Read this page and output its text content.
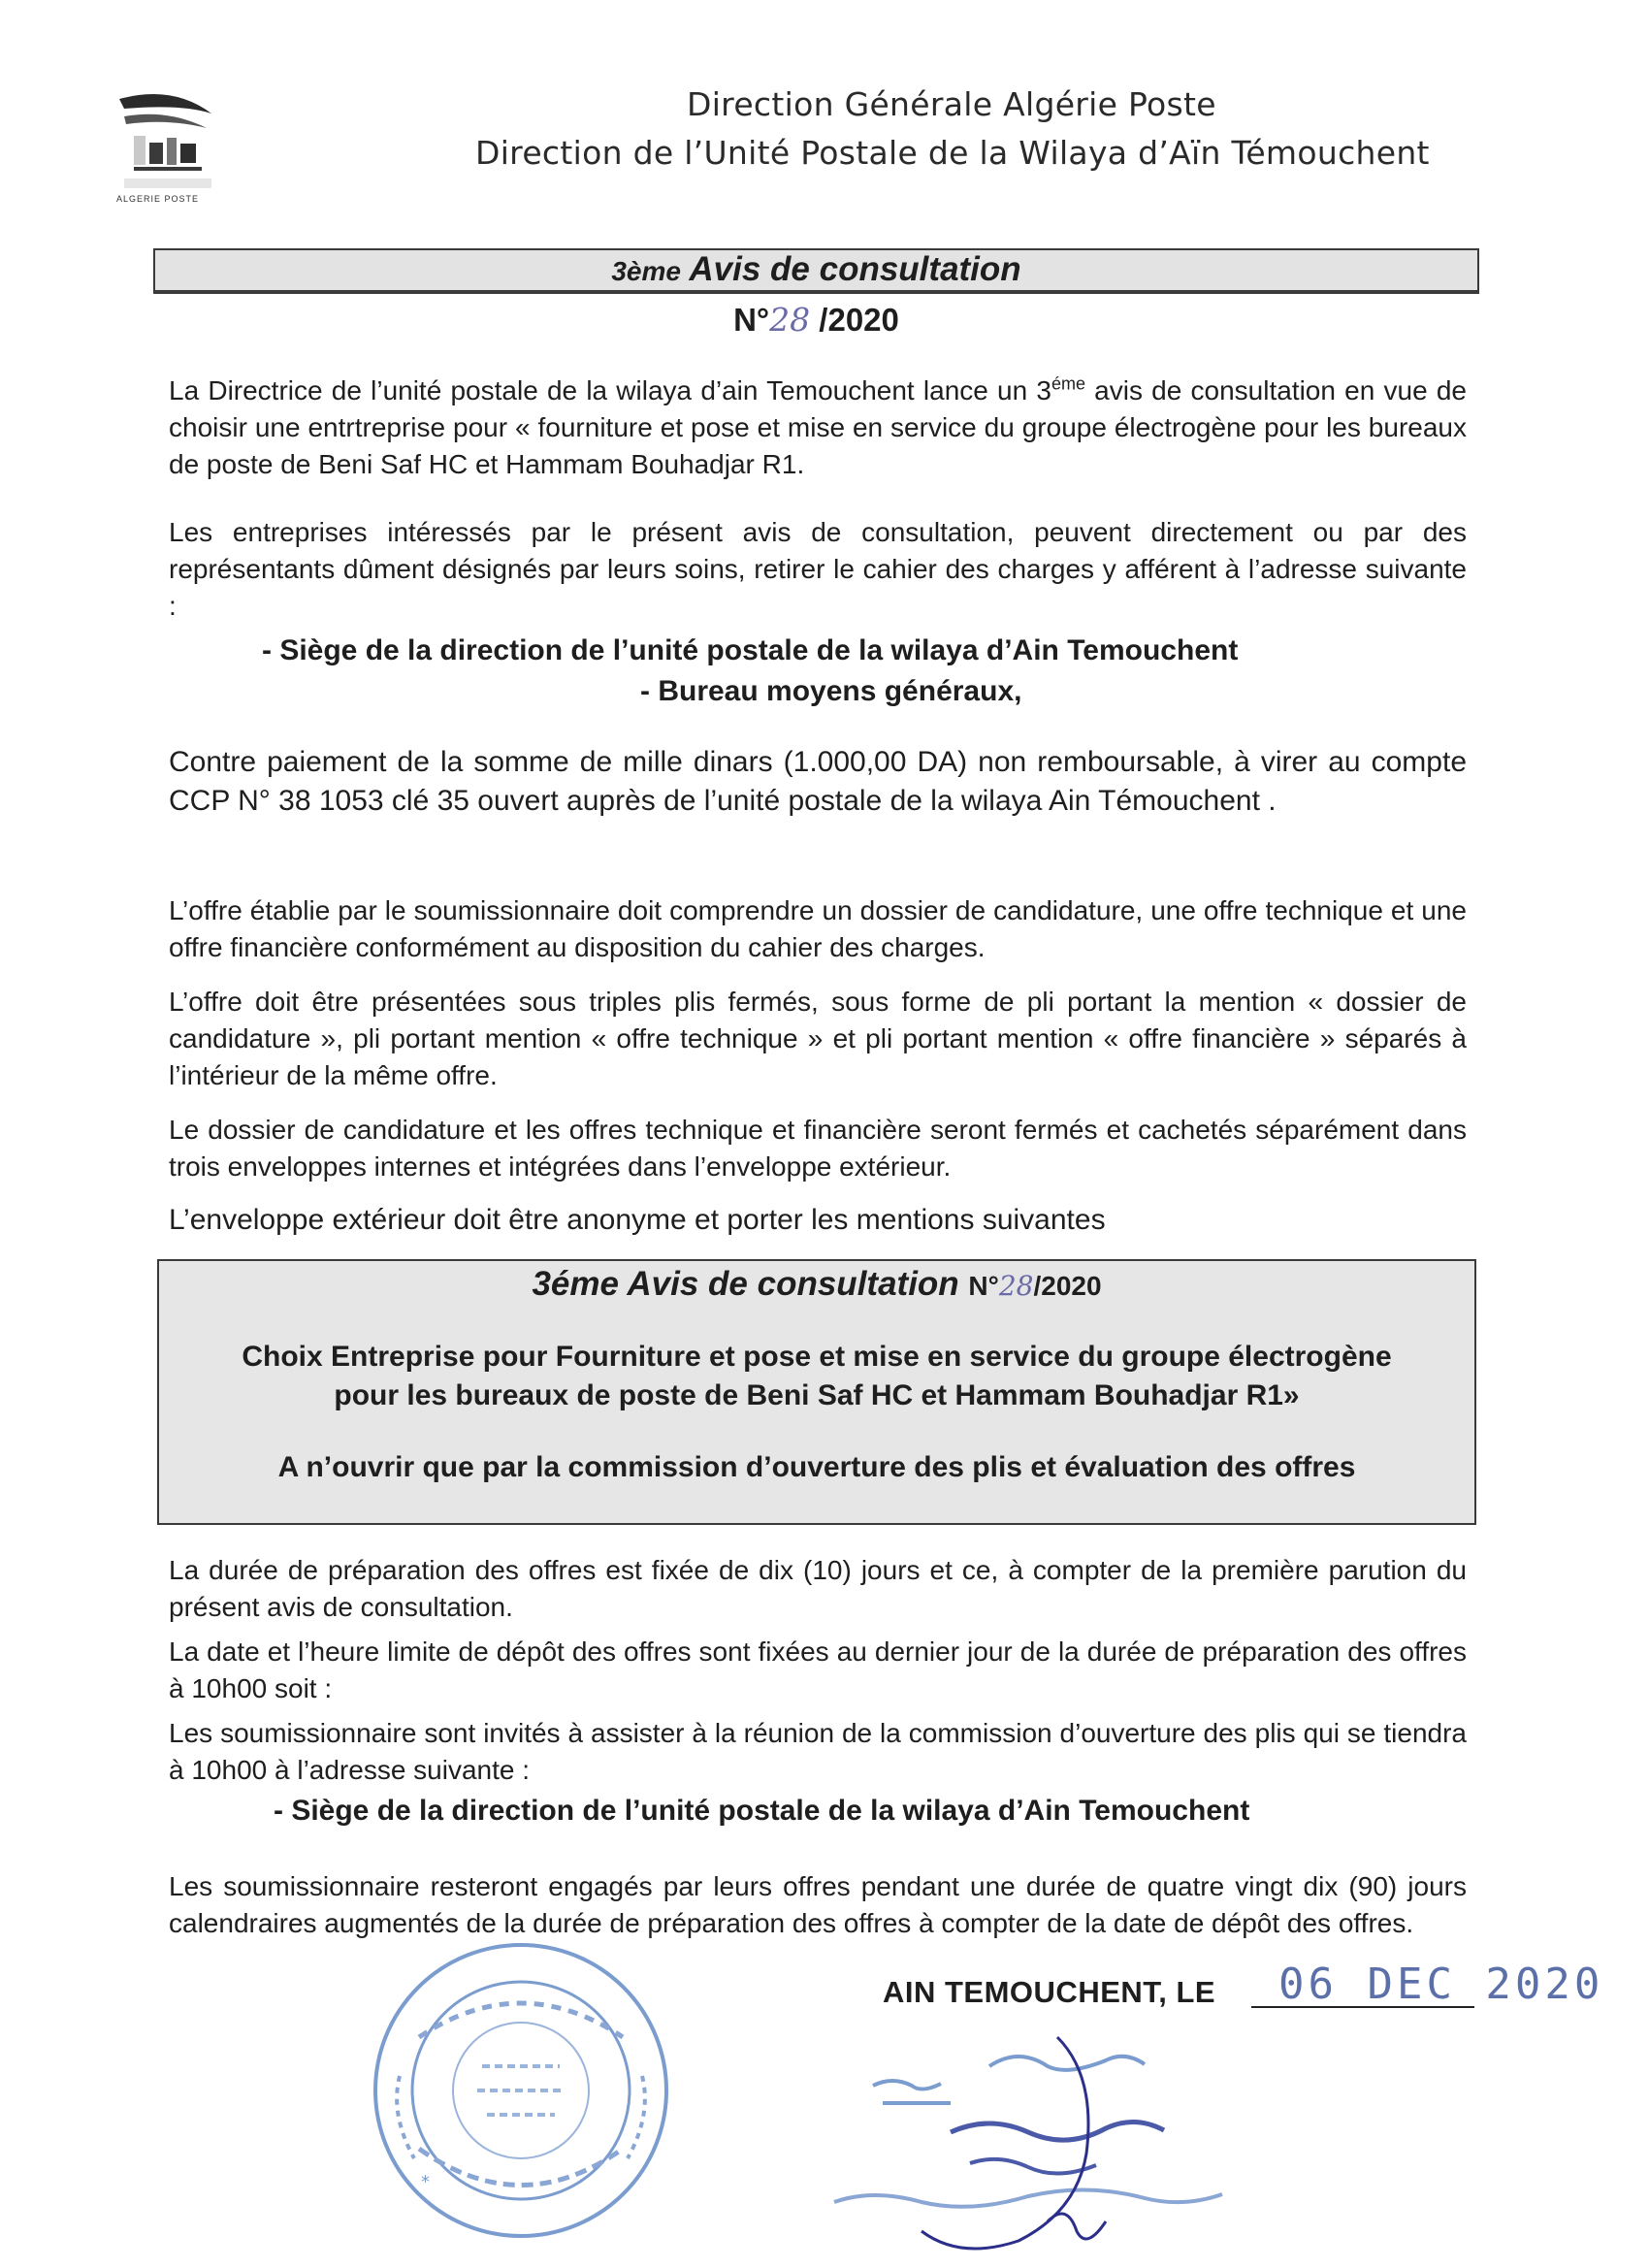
ALGERIE POSTE
Direction Générale Algérie Poste
Direction de l’Unité Postale de la Wilaya d’Aïn Témouchent
3ème Avis de consultation
N°28 /2020
La Directrice de l’unité postale de la wilaya d’ain Temouchent lance un $3^{éme}$ avis de consultation en vue de choisir une entrtreprise pour « fourniture et pose et mise en service du groupe électrogène pour les bureaux de poste de Beni Saf HC et Hammam Bouhadjar R1.
Les entreprises intéressés par le présent avis de consultation, peuvent directement ou par des représentants dûment désignés par leurs soins, retirer le cahier des charges y afférent à l’adresse suivante :
- Siège de la direction de l’unité postale de la wilaya d’Ain Temouchent
- Bureau moyens généraux,
Contre paiement de la somme de mille dinars (1.000,00 DA) non remboursable, à virer au compte CCP N° 38 1053 clé 35 ouvert auprès de l’unité postale de la wilaya Ain Témouchent .
L’offre établie par le soumissionnaire doit comprendre un dossier de candidature, une offre technique et une offre financière conformément au disposition du cahier des charges.
L’offre doit être présentées sous triples plis fermés, sous forme de pli portant la mention « dossier de candidature », pli portant mention « offre technique » et pli portant mention « offre financière » séparés à l’intérieur de la même offre.
Le dossier de candidature et les offres technique et financière seront fermés et cachetés séparément dans trois enveloppes internes et intégrées dans l’enveloppe extérieur.
L’enveloppe extérieur doit être anonyme et porter les mentions suivantes
3éme Avis de consultation N°28/2020
Choix Entreprise pour Fourniture et pose et mise en service du groupe électrogène
pour les bureaux de poste de Beni Saf HC et Hammam Bouhadjar R1»
A n’ouvrir que par la commission d’ouverture des plis et évaluation des offres
La durée de préparation des offres est fixée de dix (10) jours et ce, à compter de la première parution du présent avis de consultation.
La date et l’heure limite de dépôt des offres sont fixées au dernier jour de la durée de préparation des offres à 10h00 soit :
Les soumissionnaire sont invités à assister à la réunion de la commission d’ouverture des plis qui se tiendra à 10h00 à l’adresse suivante :
- Siège de la direction de l’unité postale de la wilaya d’Ain Temouchent
Les soumissionnaire resteront engagés par leurs offres pendant une durée de quatre vingt dix (90) jours calendraires augmentés de la durée de préparation des offres à compter de la date de dépôt des offres.
AIN TEMOUCHENT, LE 06 DEC 2020
*
